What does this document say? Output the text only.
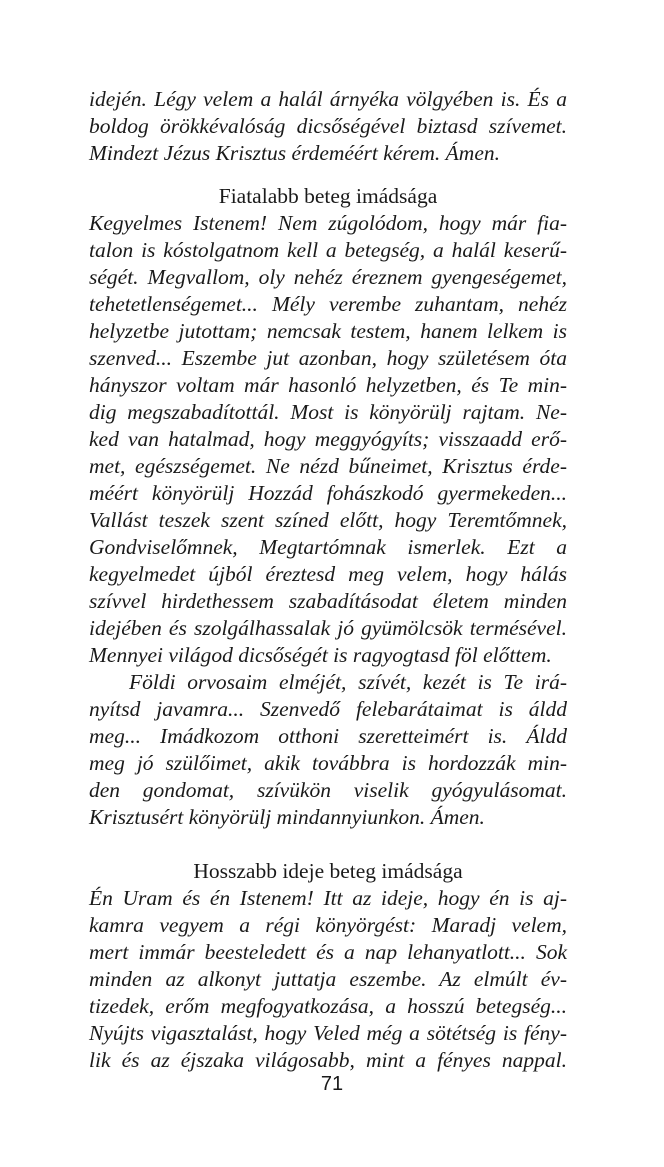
idején. Légy velem a halál árnyéka völgyében is. És a
boldog örökkévalóság dicsőségével biztasd szívemet.
Mindezt Jézus Krisztus érdeméért kérem. Ámen.
Fiatalabb beteg imádsága
Kegyelmes Istenem! Nem zúgolódom, hogy már fia-
talon is kóstolgatnom kell a betegség, a halál keserű-
ségét. Megvallom, oly nehéz éreznem gyengeségemet,
tehetetlenségemet... Mély verembe zuhantam, nehéz
helyzetbe jutottam; nemcsak testem, hanem lelkem is
szenved... Eszembe jut azonban, hogy születésem óta
hányszor voltam már hasonló helyzetben, és Te min-
dig megszabadítottál. Most is könyörülj rajtam. Ne-
ked van hatalmad, hogy meggyógyíts; visszaadd erő-
met, egészségemet. Ne nézd bűneimet, Krisztus érde-
méért könyörülj Hozzád fohászkodó gyermekeden...
Vallást teszek szent színed előtt, hogy Teremtőmnek,
Gondviselőmnek, Megtartómnak ismerlek. Ezt a
kegyelmedet újból éreztesd meg velem, hogy hálás
szívvel hirdethessem szabadításodat életem minden
idejében és szolgálhassalak jó gyümölcsök termésével.
Mennyei világod dicsőségét is ragyogtasd föl előttem.
Földi orvosaim elméjét, szívét, kezét is Te irá-
nyítsd javamra... Szenvedő felebarátaimat is áldd
meg... Imádkozom otthoni szeretteimért is. Áldd
meg jó szülőimet, akik továbbra is hordozzák min-
den gondomat, szívükön viselik gyógyulásomat.
Krisztusért könyörülj mindannyiunkon. Ámen.
Hosszabb ideje beteg imádsága
Én Uram és én Istenem! Itt az ideje, hogy én is aj-
kamra vegyem a régi könyörgést: Maradj velem,
mert immár beesteledett és a nap lehanyatlott... Sok
minden az alkonyt juttatja eszembe. Az elmúlt év-
tizedek, erőm megfogyatkozása, a hosszú betegség...
Nyújts vigasztalást, hogy Veled még a sötétség is fény-
lik és az éjszaka világosabb, mint a fényes nappal.
71
